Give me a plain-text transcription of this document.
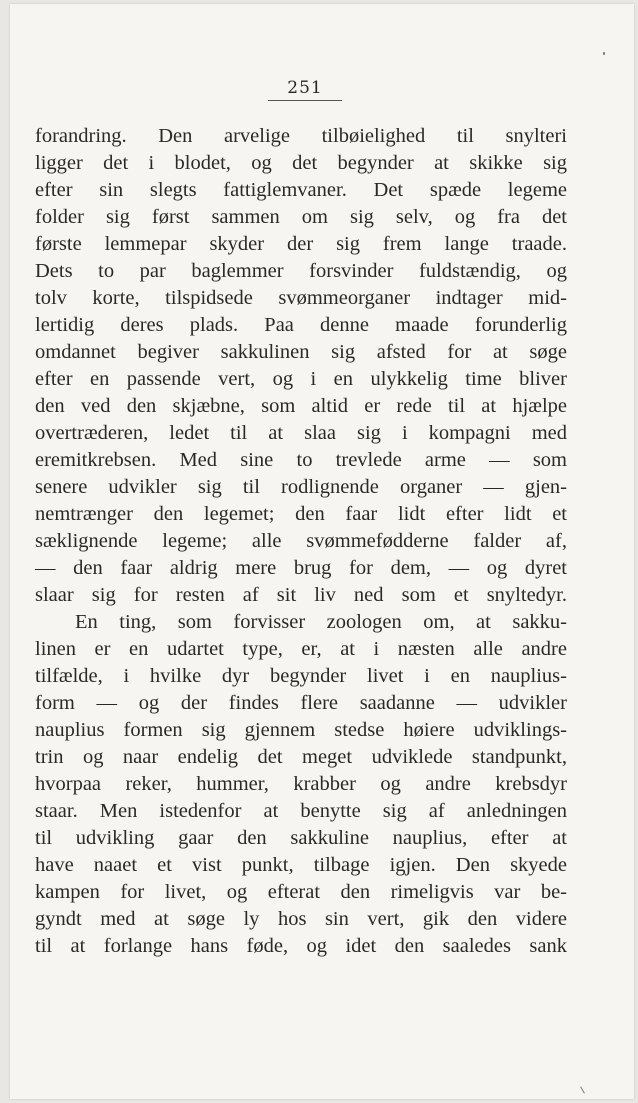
251
forandring. Den arvelige tilbøielighed til snylteri
ligger det i blodet, og det begynder at skikke sig
efter sin slegts fattiglemvaner. Det spæde legeme
folder sig først sammen om sig selv, og fra det
første lemmepar skyder der sig frem lange traade.
Dets to par baglemmer forsvinder fuldstændig, og
tolv korte, tilspidsede svømmeorganer indtager mid-
lertidig deres plads. Paa denne maade forunderlig
omdannet begiver sakkulinen sig afsted for at søge
efter en passende vert, og i en ulykkelig time bliver
den ved den skjæbne, som altid er rede til at hjælpe
overtræderen, ledet til at slaa sig i kompagni med
eremitkrebsen. Med sine to trevlede arme — som
senere udvikler sig til rodlignende organer — gjen-
nemtrænger den legemet; den faar lidt efter lidt et
sæklignende legeme; alle svømmefødderne falder af,
— den faar aldrig mere brug for dem, — og dyret
slaar sig for resten af sit liv ned som et snyltedyr.
En ting, som forvisser zoologen om, at sakku-
linen er en udartet type, er, at i næsten alle andre
tilfælde, i hvilke dyr begynder livet i en nauplius-
form — og der findes flere saadanne — udvikler
nauplius formen sig gjennem stedse høiere udviklings-
trin og naar endelig det meget udviklede standpunkt,
hvorpaa reker, hummer, krabber og andre krebsdyr
staar. Men istedenfor at benytte sig af anledningen
til udvikling gaar den sakkuline nauplius, efter at
have naaet et vist punkt, tilbage igjen. Den skyede
kampen for livet, og efterat den rimeligvis var be-
gyndt med at søge ly hos sin vert, gik den videre
til at forlange hans føde, og idet den saaledes sank
